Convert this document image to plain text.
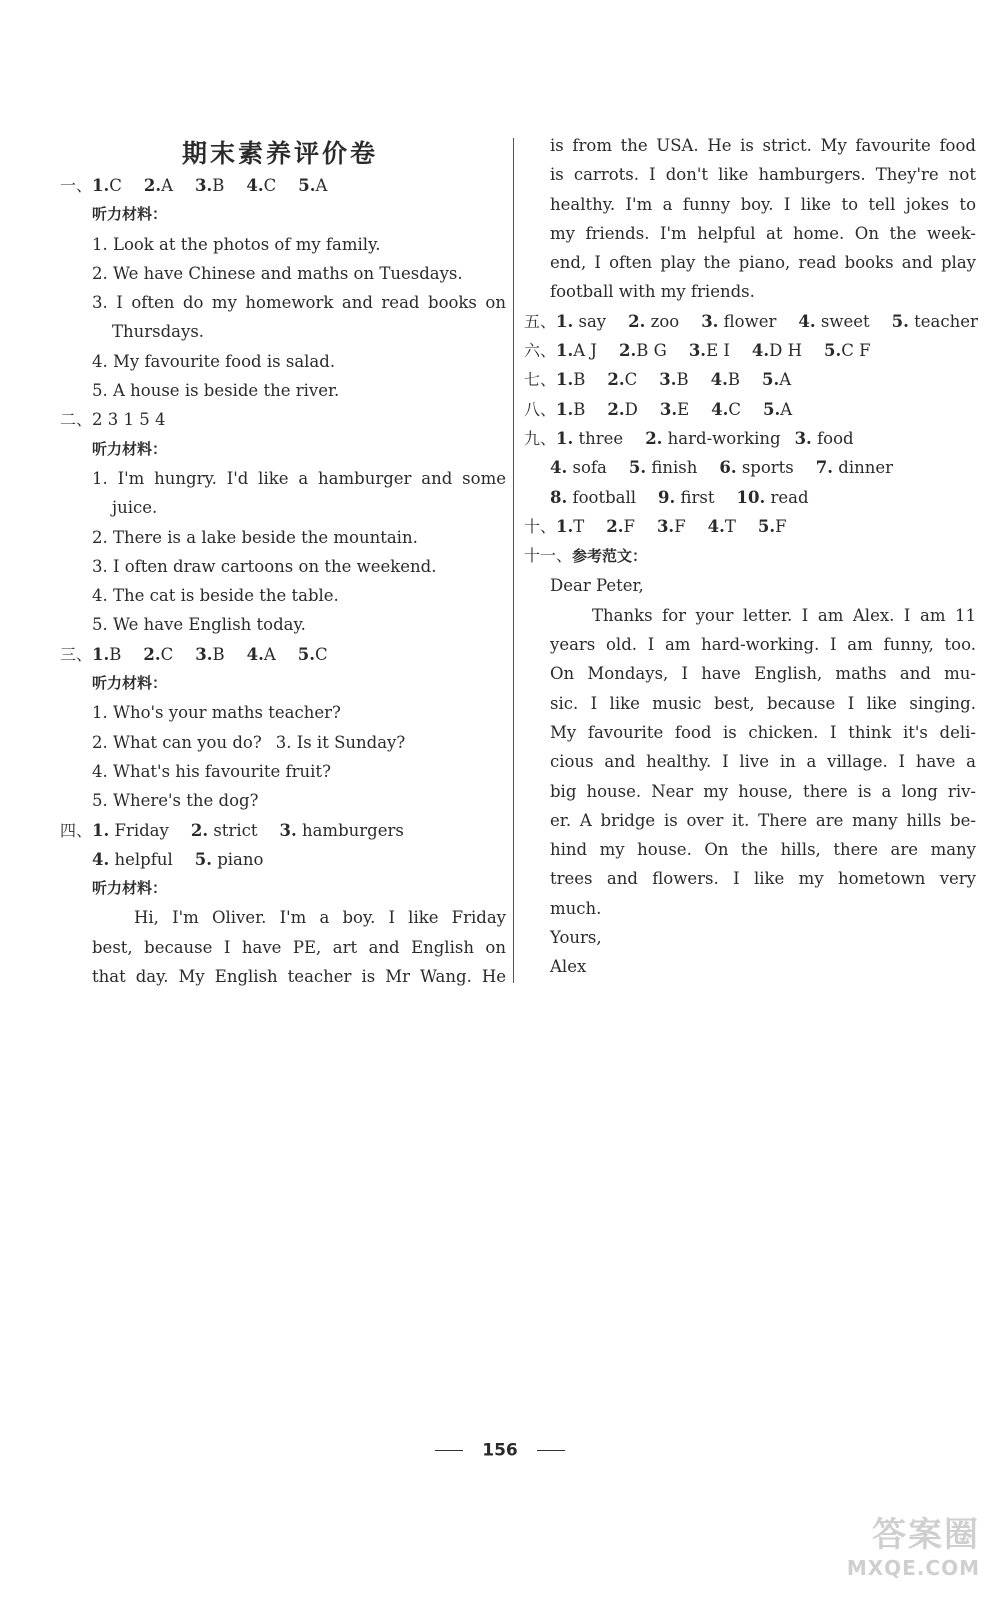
期末素养评价卷
一、1.C 2.A 3.B 4.C 5.A
听力材料：
1. Look at the photos of my family.
2. We have Chinese and maths on Tuesdays.
3. I often do my homework and read books on
Thursdays.
4. My favourite food is salad.
5. A house is beside the river.
二、2 3 1 5 4
听力材料：
1. I'm hungry. I'd like a hamburger and some
juice.
2. There is a lake beside the mountain.
3. I often draw cartoons on the weekend.
4. The cat is beside the table.
5. We have English today.
三、1.B 2.C 3.B 4.A 5.C
听力材料：
1. Who's your maths teacher?
2. What can you do? 3. Is it Sunday?
4. What's his favourite fruit?
5. Where's the dog?
四、1. Friday 2. strict 3. hamburgers
4. helpful 5. piano
听力材料：
Hi, I'm Oliver. I'm a boy. I like Friday
best, because I have PE, art and English on
that day. My English teacher is Mr Wang. He
is from the USA. He is strict. My favourite food
is carrots. I don't like hamburgers. They're not
healthy. I'm a funny boy. I like to tell jokes to
my friends. I'm helpful at home. On the week-
end, I often play the piano, read books and play
football with my friends.
五、1. say 2. zoo 3. flower 4. sweet 5. teacher
六、1.A J 2.B G 3.E I 4.D H 5.C F
七、1.B 2.C 3.B 4.B 5.A
八、1.B 2.D 3.E 4.C 5.A
九、1. three 2. hard-working 3. food
4. sofa 5. finish 6. sports 7. dinner
8. football 9. first 10. read
十、1.T 2.F 3.F 4.T 5.F
十一、参考范文：
Dear Peter,
Thanks for your letter. I am Alex. I am 11
years old. I am hard-working. I am funny, too.
On Mondays, I have English, maths and mu-
sic. I like music best, because I like singing.
My favourite food is chicken. I think it's deli-
cious and healthy. I live in a village. I have a
big house. Near my house, there is a long riv-
er. A bridge is over it. There are many hills be-
hind my house. On the hills, there are many
trees and flowers. I like my hometown very
much.
Yours,
Alex
156
答案圈
MXQE.COM
